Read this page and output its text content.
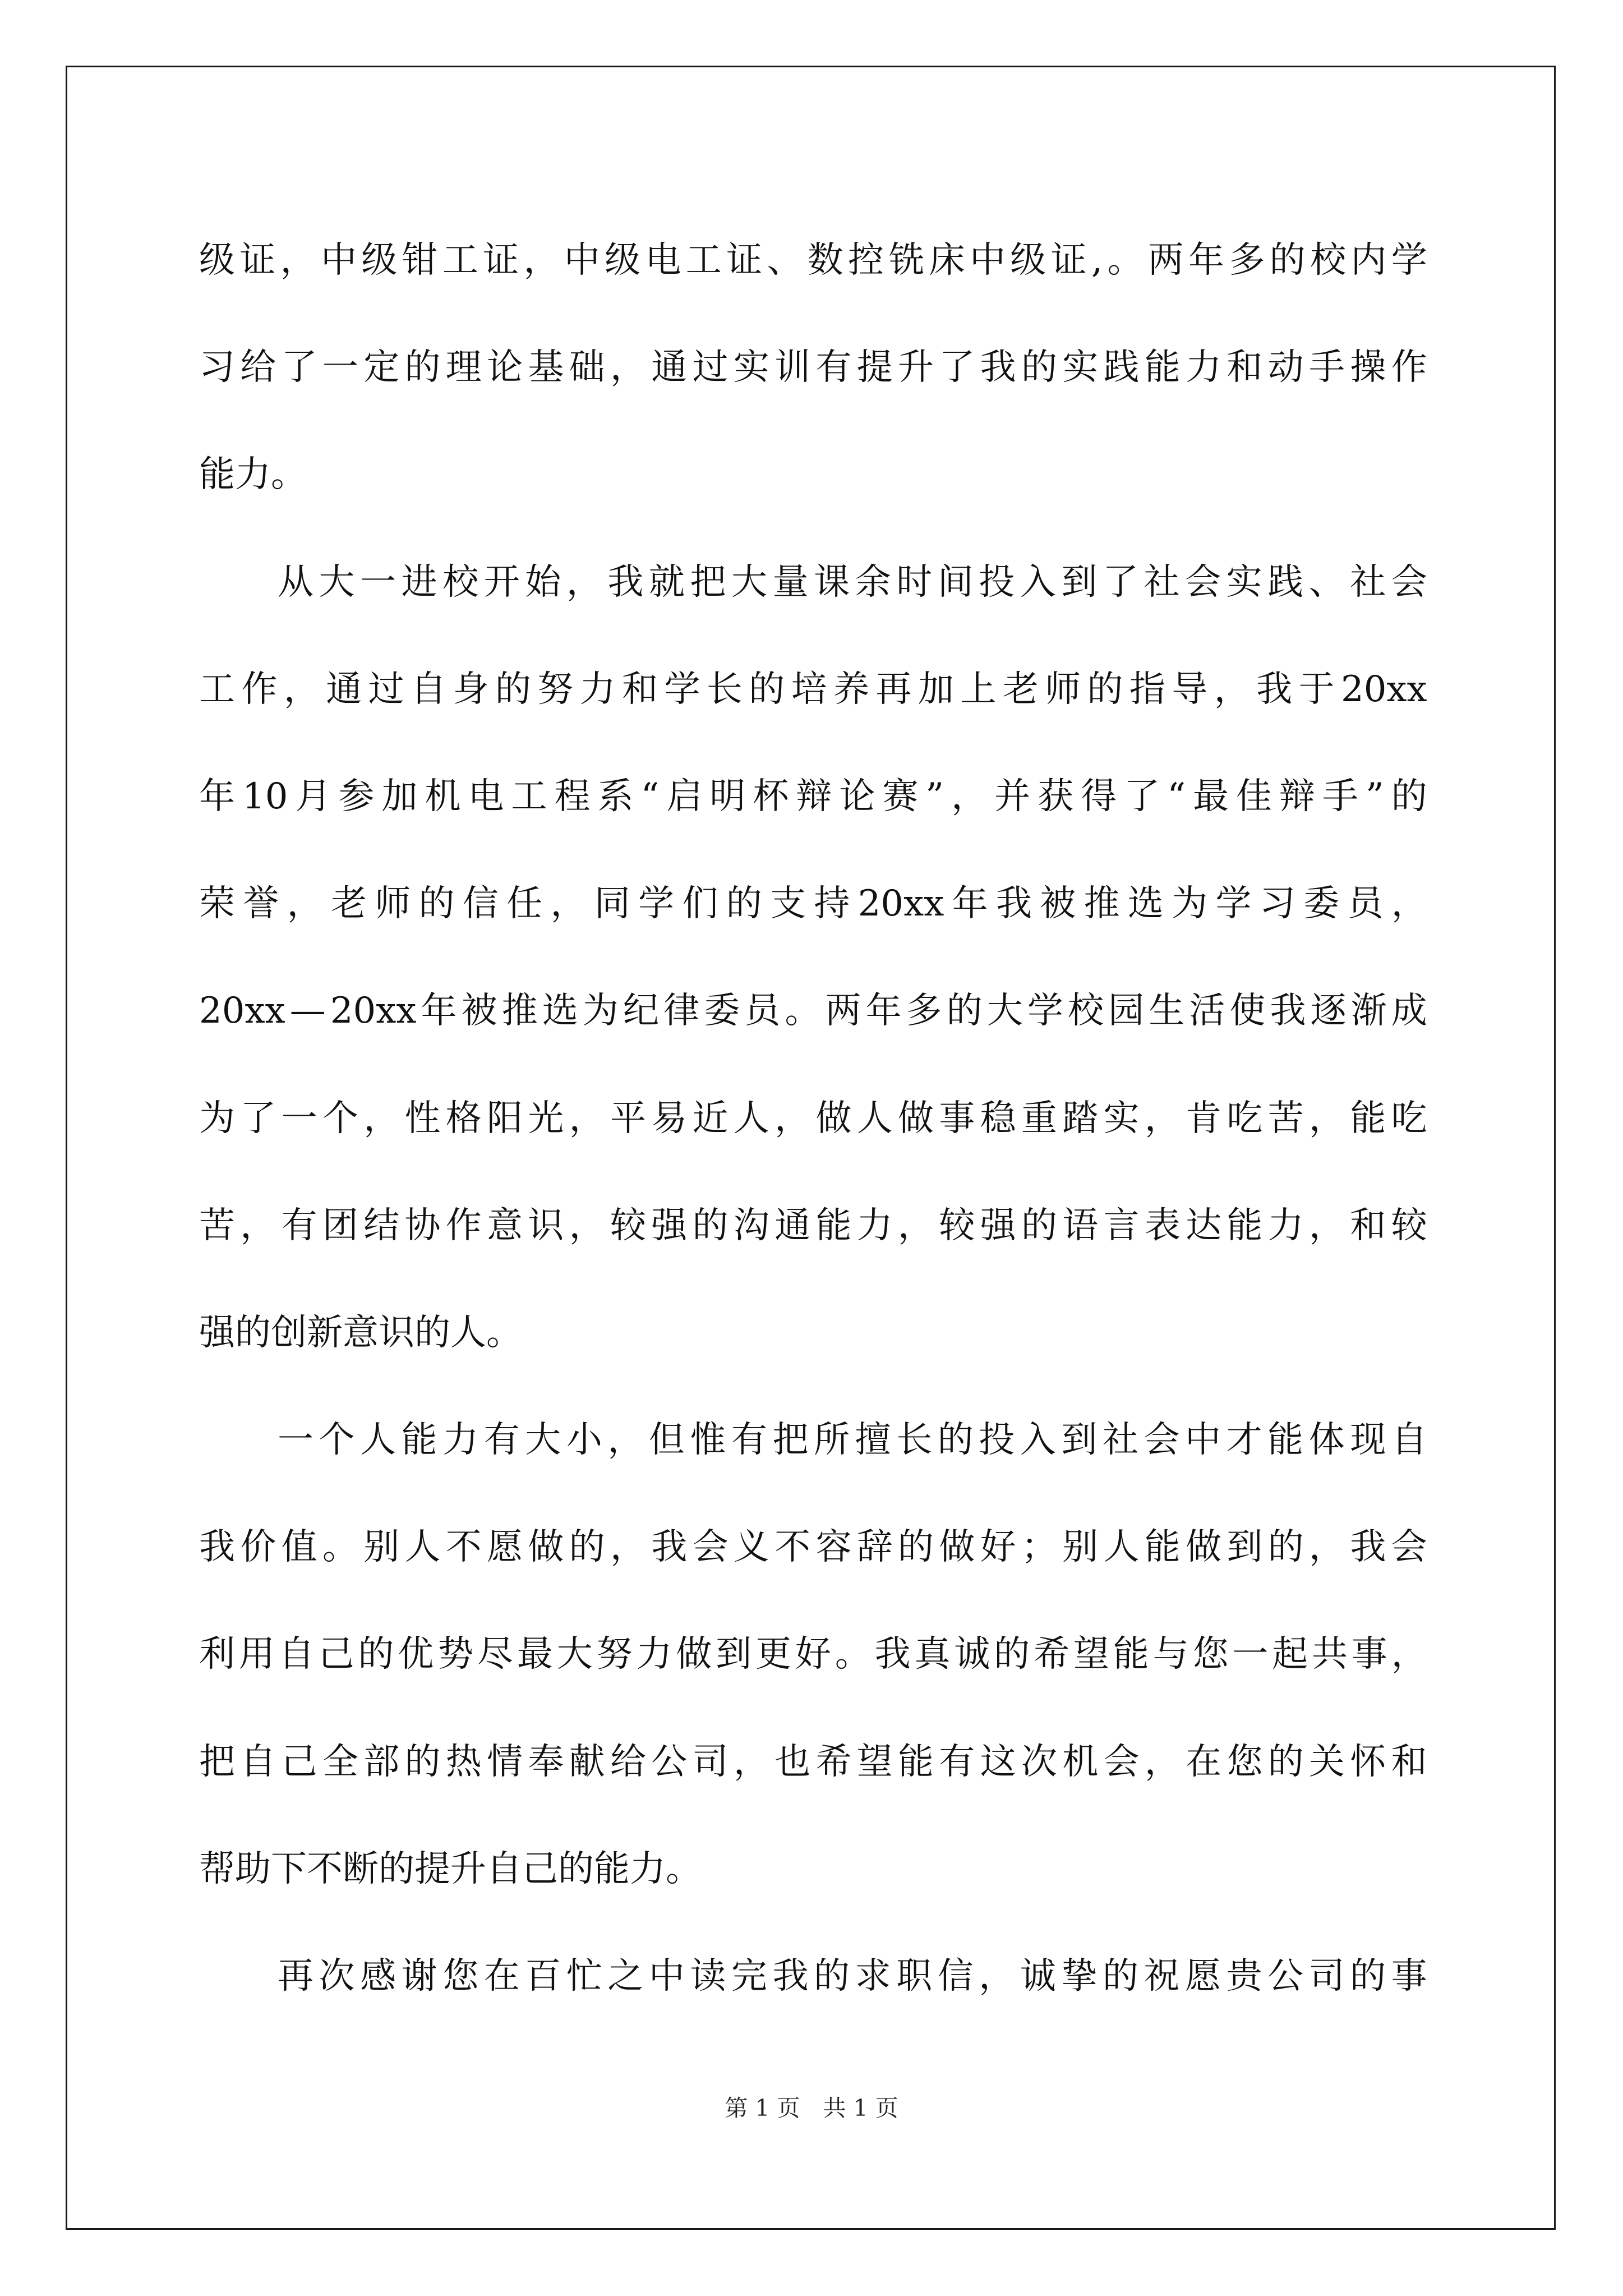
级 证 ， 中 级 钳 工 证 ， 中 级 电 工 证 、 数 控 铣 床 中 级 证 , 。 两 年 多 的 校 内 学
习 给 了 一 定 的 理 论 基 础 ， 通 过 实 训 有 提 升 了 我 的 实 践 能 力 和 动 手 操 作
能力。
从 大 一 进 校 开 始 ， 我 就 把 大 量 课 余 时 间 投 入 到 了 社 会 实 践 、 社 会
工 作 ， 通 过 自 身 的 努 力 和 学 长 的 培 养 再 加 上 老 师 的 指 导 ， 我 于 20xx
年 10 月 参 加 机 电 工 程 系 “ 启 明 杯 辩 论 赛 ” ， 并 获 得 了 “ 最 佳 辩 手 ” 的
荣 誉 ， 老 师 的 信 任 ， 同 学 们 的 支 持 20xx 年 我 被 推 选 为 学 习 委 员 ，
20xx — 20xx 年 被 推 选 为 纪 律 委 员 。 两 年 多 的 大 学 校 园 生 活 使 我 逐 渐 成
为 了 一 个 ， 性 格 阳 光 ， 平 易 近 人 ， 做 人 做 事 稳 重 踏 实 ， 肯 吃 苦 ， 能 吃
苦 ， 有 团 结 协 作 意 识 ， 较 强 的 沟 通 能 力 ， 较 强 的 语 言 表 达 能 力 ， 和 较
强的创新意识的人。
一 个 人 能 力 有 大 小 ， 但 惟 有 把 所 擅 长 的 投 入 到 社 会 中 才 能 体 现 自
我 价 值 。 别 人 不 愿 做 的 ， 我 会 义 不 容 辞 的 做 好 ； 别 人 能 做 到 的 ， 我 会
利 用 自 己 的 优 势 尽 最 大 努 力 做 到 更 好 。 我 真 诚 的 希 望 能 与 您 一 起 共 事 ，
把 自 己 全 部 的 热 情 奉 献 给 公 司 ， 也 希 望 能 有 这 次 机 会 ， 在 您 的 关 怀 和
帮助下不断的提升自己的能力。
再 次 感 谢 您 在 百 忙 之 中 读 完 我 的 求 职 信 ， 诚 挚 的 祝 愿 贵 公 司 的 事
第 1 页 共 1 页
